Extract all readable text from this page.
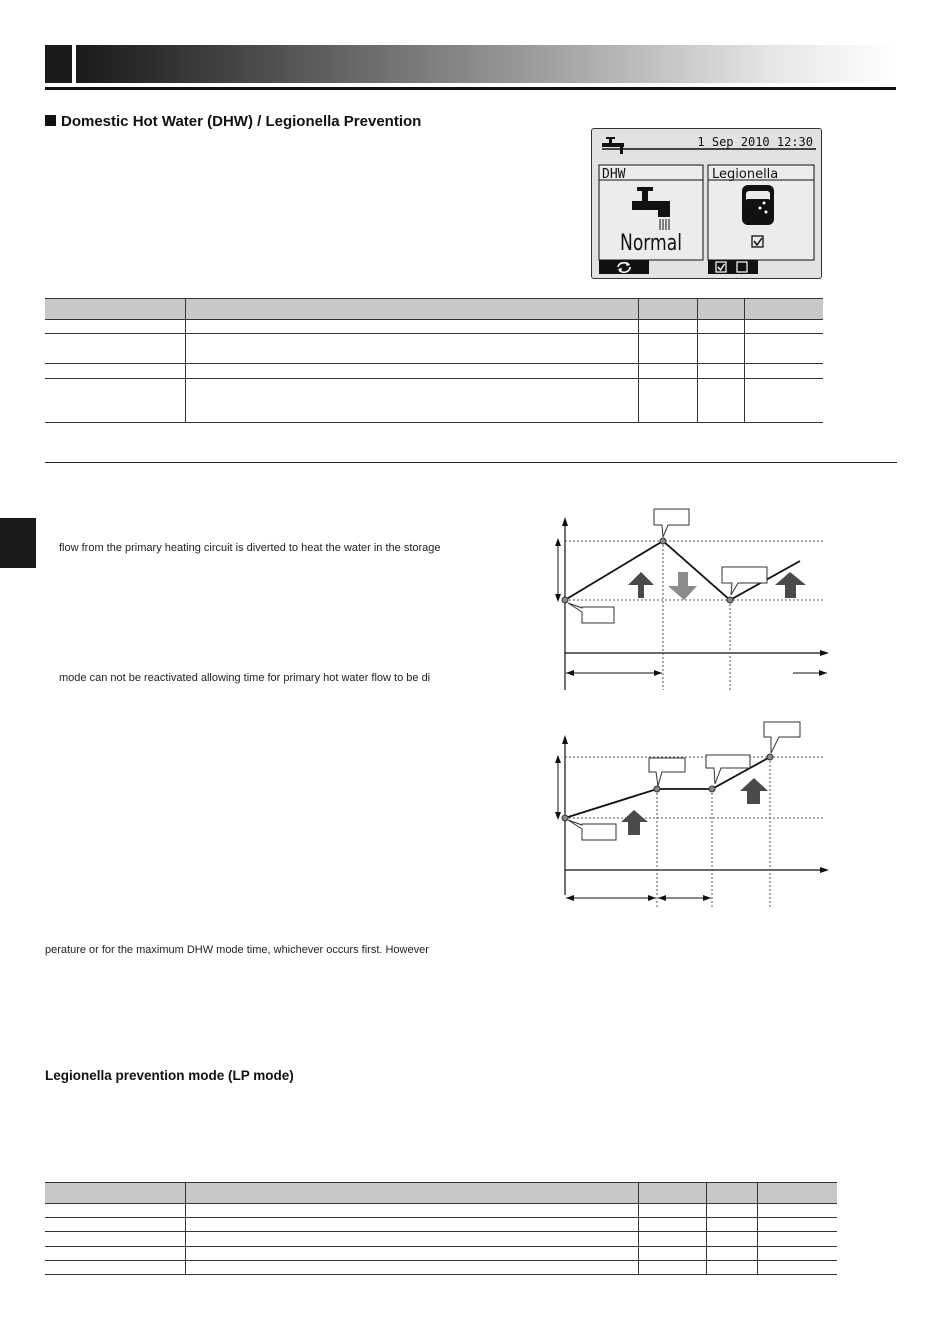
Domestic Hot Water (DHW) / Legionella Prevention
1 Sep 2010 12:30
DHW
Normal
Legionella

flow from the primary heating circuit is diverted to heat the water in the storage
mode can not be reactivated allowing time for primary hot water flow to be di
perature or for the maximum DHW mode time, whichever occurs first. However
Legionella prevention mode (LP mode)
